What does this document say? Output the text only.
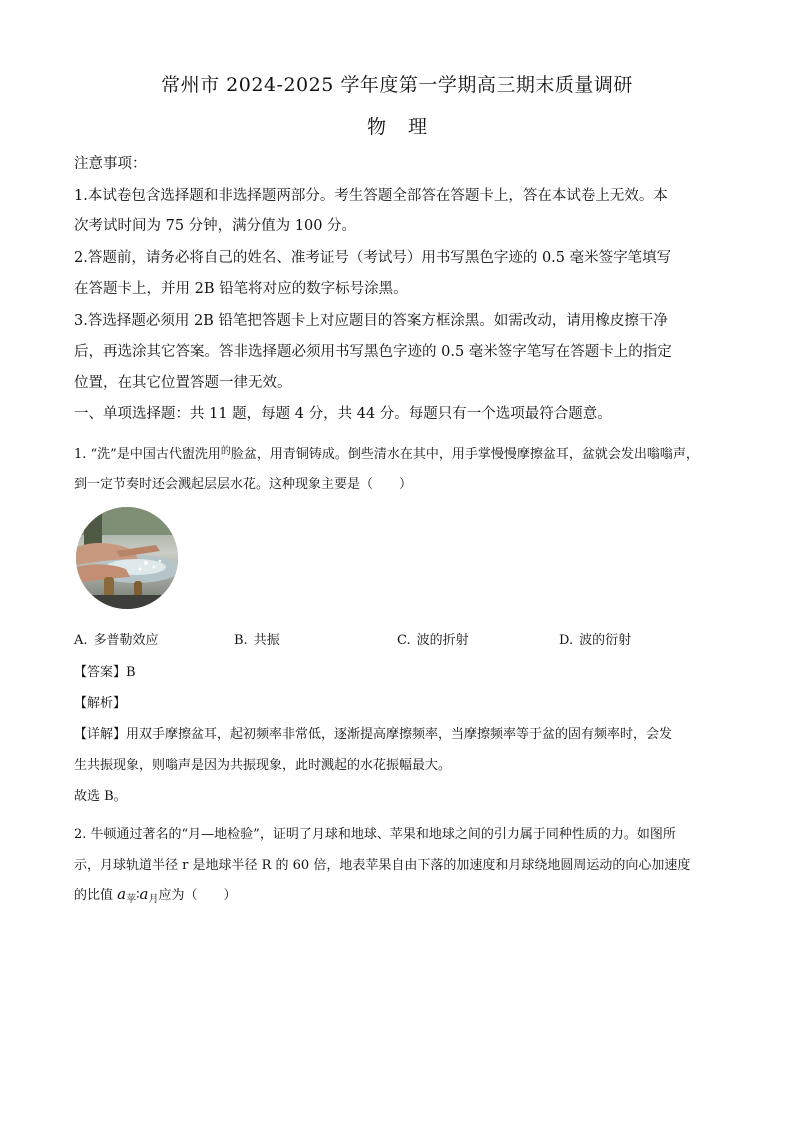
常州市 2024-2025 学年度第一学期高三期末质量调研
物理
注意事项：
1.本试卷包含选择题和非选择题两部分。考生答题全部答在答题卡上，答在本试卷上无效。本
次考试时间为 75 分钟，满分值为 100 分。
2.答题前，请务必将自己的姓名、准考证号（考试号）用书写黑色字迹的 0.5 毫米签字笔填写
在答题卡上，并用 2B 铅笔将对应的数字标号涂黑。
3.答选择题必须用 2B 铅笔把答题卡上对应题目的答案方框涂黑。如需改动，请用橡皮擦干净
后，再选涂其它答案。答非选择题必须用书写黑色字迹的 0.5 毫米签字笔写在答题卡上的指定
位置，在其它位置答题一律无效。
一、单项选择题：共 11 题，每题 4 分，共 44 分。每题只有一个选项最符合题意。
1. “洗”是中国古代盥洗用$^的$脸盆，用青铜铸成。倒些清水在其中，用手掌慢慢摩擦盆耳，盆就会发出嗡嗡声，
到一定节奏时还会溅起层层水花。这种现象主要是（　　）
A. 多普勒效应	B. 共振	C. 波的折射	D. 波的衍射
【答案】B
【解析】
【详解】用双手摩擦盆耳，起初频率非常低，逐渐提高摩擦频率，当摩擦频率等于盆的固有频率时，会发
生共振现象，则嗡声是因为共振现象，此时溅起的水花振幅最大。
故选 B。
2. 牛顿通过著名的“月—地检验”，证明了月球和地球、苹果和地球之间的引力属于同种性质的力。如图所
示，月球轨道半径 r 是地球半径 R 的 60 倍，地表苹果自由下落的加速度和月球绕地圆周运动的向心加速度
的比值 $a_苹∶a_月$应为（　　）
